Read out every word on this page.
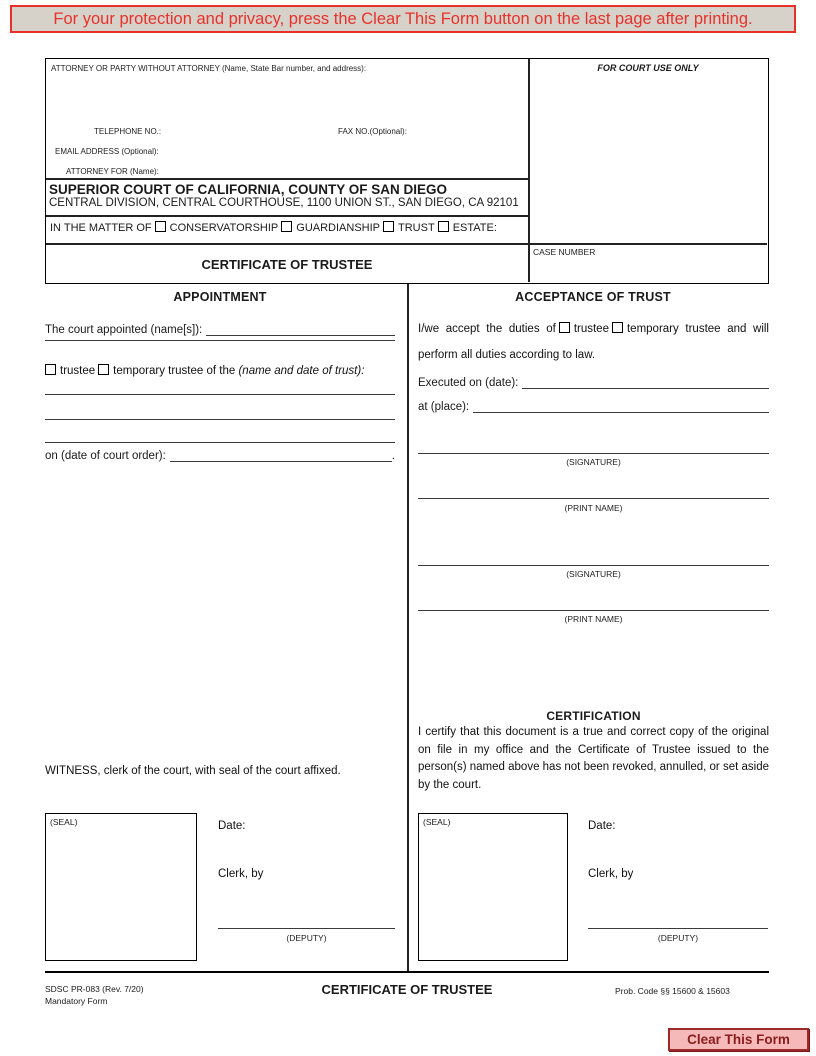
For your protection and privacy, press the Clear This Form button on the last page after printing.
ATTORNEY OR PARTY WITHOUT ATTORNEY (Name, State Bar number, and address):
TELEPHONE NO.:	FAX NO.(Optional):
EMAIL ADDRESS (Optional):
ATTORNEY FOR (Name):
FOR COURT USE ONLY
SUPERIOR COURT OF CALIFORNIA, COUNTY OF SAN DIEGO
CENTRAL DIVISION, CENTRAL COURTHOUSE, 1100 UNION ST., SAN DIEGO, CA 92101
IN THE MATTER OF CONSERVATORSHIP GUARDIANSHIP TRUST ESTATE:
CERTIFICATE OF TRUSTEE
CASE NUMBER
APPOINTMENT
The court appointed (name[s]):
trustee temporary trustee of the (name and date of trust):
on (date of court order):	.
WITNESS, clerk of the court, with seal of the court affixed.
(SEAL)	Date:
Clerk, by
(DEPUTY)
ACCEPTANCE OF TRUST
I/we accept the duties of trustee temporary trustee and will perform all duties according to law.
Executed on (date):
at (place):
(SIGNATURE)
(PRINT NAME)
(SIGNATURE)
(PRINT NAME)
CERTIFICATION
I certify that this document is a true and correct copy of the original on file in my office and the Certificate of Trustee issued to the person(s) named above has not been revoked, annulled, or set aside by the court.
(SEAL)	Date:
Clerk, by
(DEPUTY)
SDSC PR-083 (Rev. 7/20)
Mandatory Form
CERTIFICATE OF TRUSTEE	Prob. Code §§ 15600 & 15603
Clear This Form
